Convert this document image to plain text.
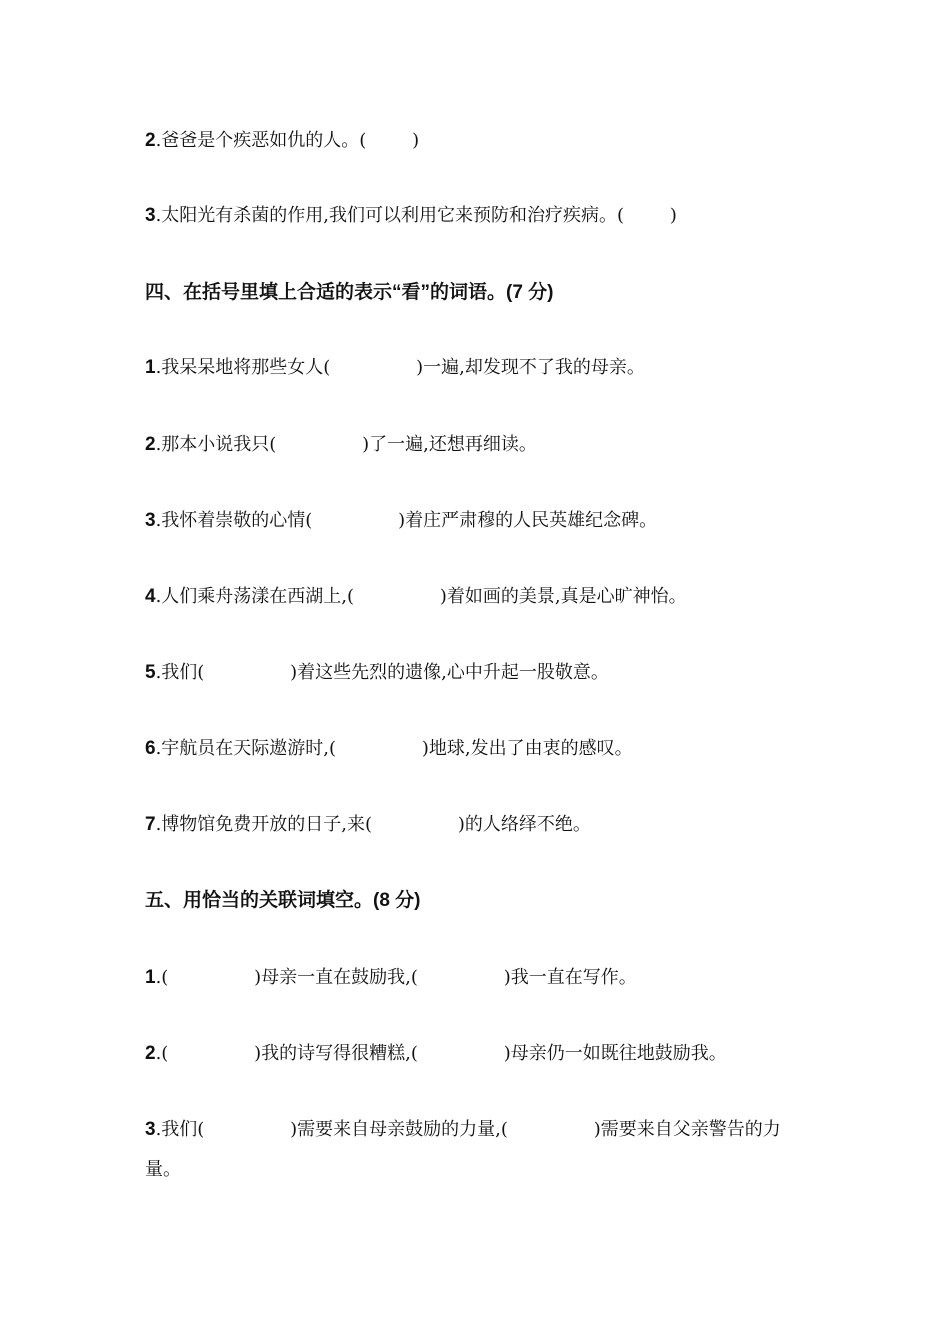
2.爸爸是个疾恶如仇的人。(        )
3.太阳光有杀菌的作用,我们可以利用它来预防和治疗疾病。(        )
四、在括号里填上合适的表示“看”的词语。(7 分)
1.我呆呆地将那些女人(               )一遍,却发现不了我的母亲。
2.那本小说我只(               )了一遍,还想再细读。
3.我怀着崇敬的心情(               )着庄严肃穆的人民英雄纪念碑。
4.人们乘舟荡漾在西湖上,(               )着如画的美景,真是心旷神怡。
5.我们(               )着这些先烈的遗像,心中升起一股敬意。
6.宇航员在天际遨游时,(               )地球,发出了由衷的感叹。
7.博物馆免费开放的日子,来(               )的人络绎不绝。
五、用恰当的关联词填空。(8 分)
1.(               )母亲一直在鼓励我,(               )我一直在写作。
2.(               )我的诗写得很糟糕,(               )母亲仍一如既往地鼓励我。
3.我们(               )需要来自母亲鼓励的力量,(               )需要来自父亲警告的力量。
